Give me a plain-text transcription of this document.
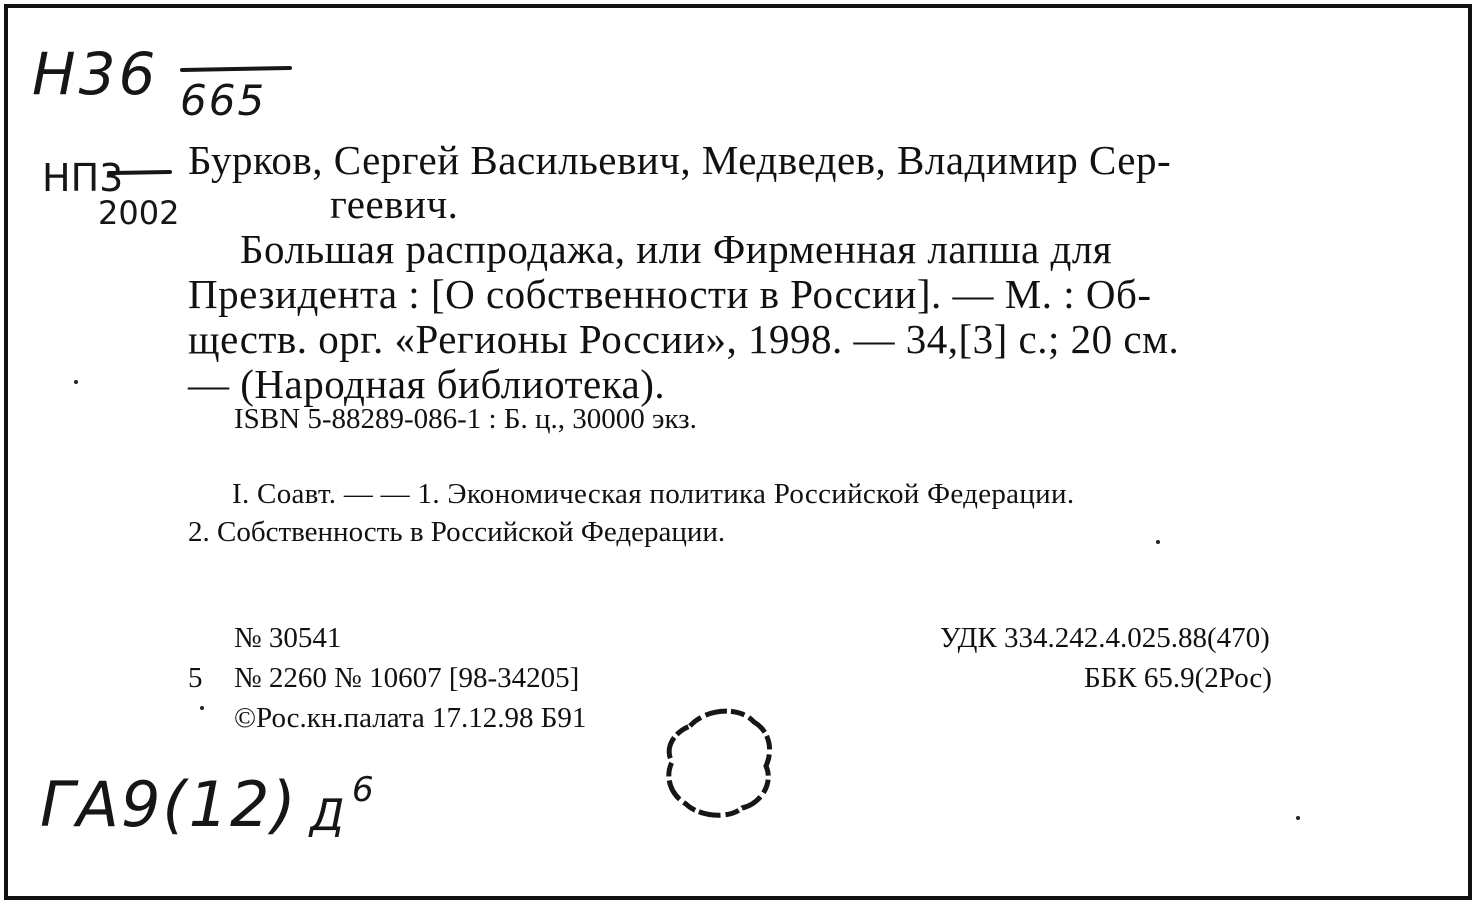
Н36 665
НП3
2002
Бурков, Сергей Васильевич, Медведев, Владимир Сер-
геевич.
Большая распродажа, или Фирменная лапша для
Президента : [О собственности в России]. — М. : Об-
ществ. орг. «Регионы России», 1998. — 34,[3] с.; 20 см.
— (Народная библиотека).
ISBN 5-88289-086-1 : Б. ц., 30000 экз.
I. Соавт. — — 1. Экономическая политика Российской Федерации.
2. Собственность в Российской Федерации.
№ 30541
5 № 2260 № 10607 [98-34205]
©Рос.кн.палата 17.12.98 Б91
УДК 334.242.4.025.88(470)
ББК 65.9(2Рос)
ГА9(12) Д 6
